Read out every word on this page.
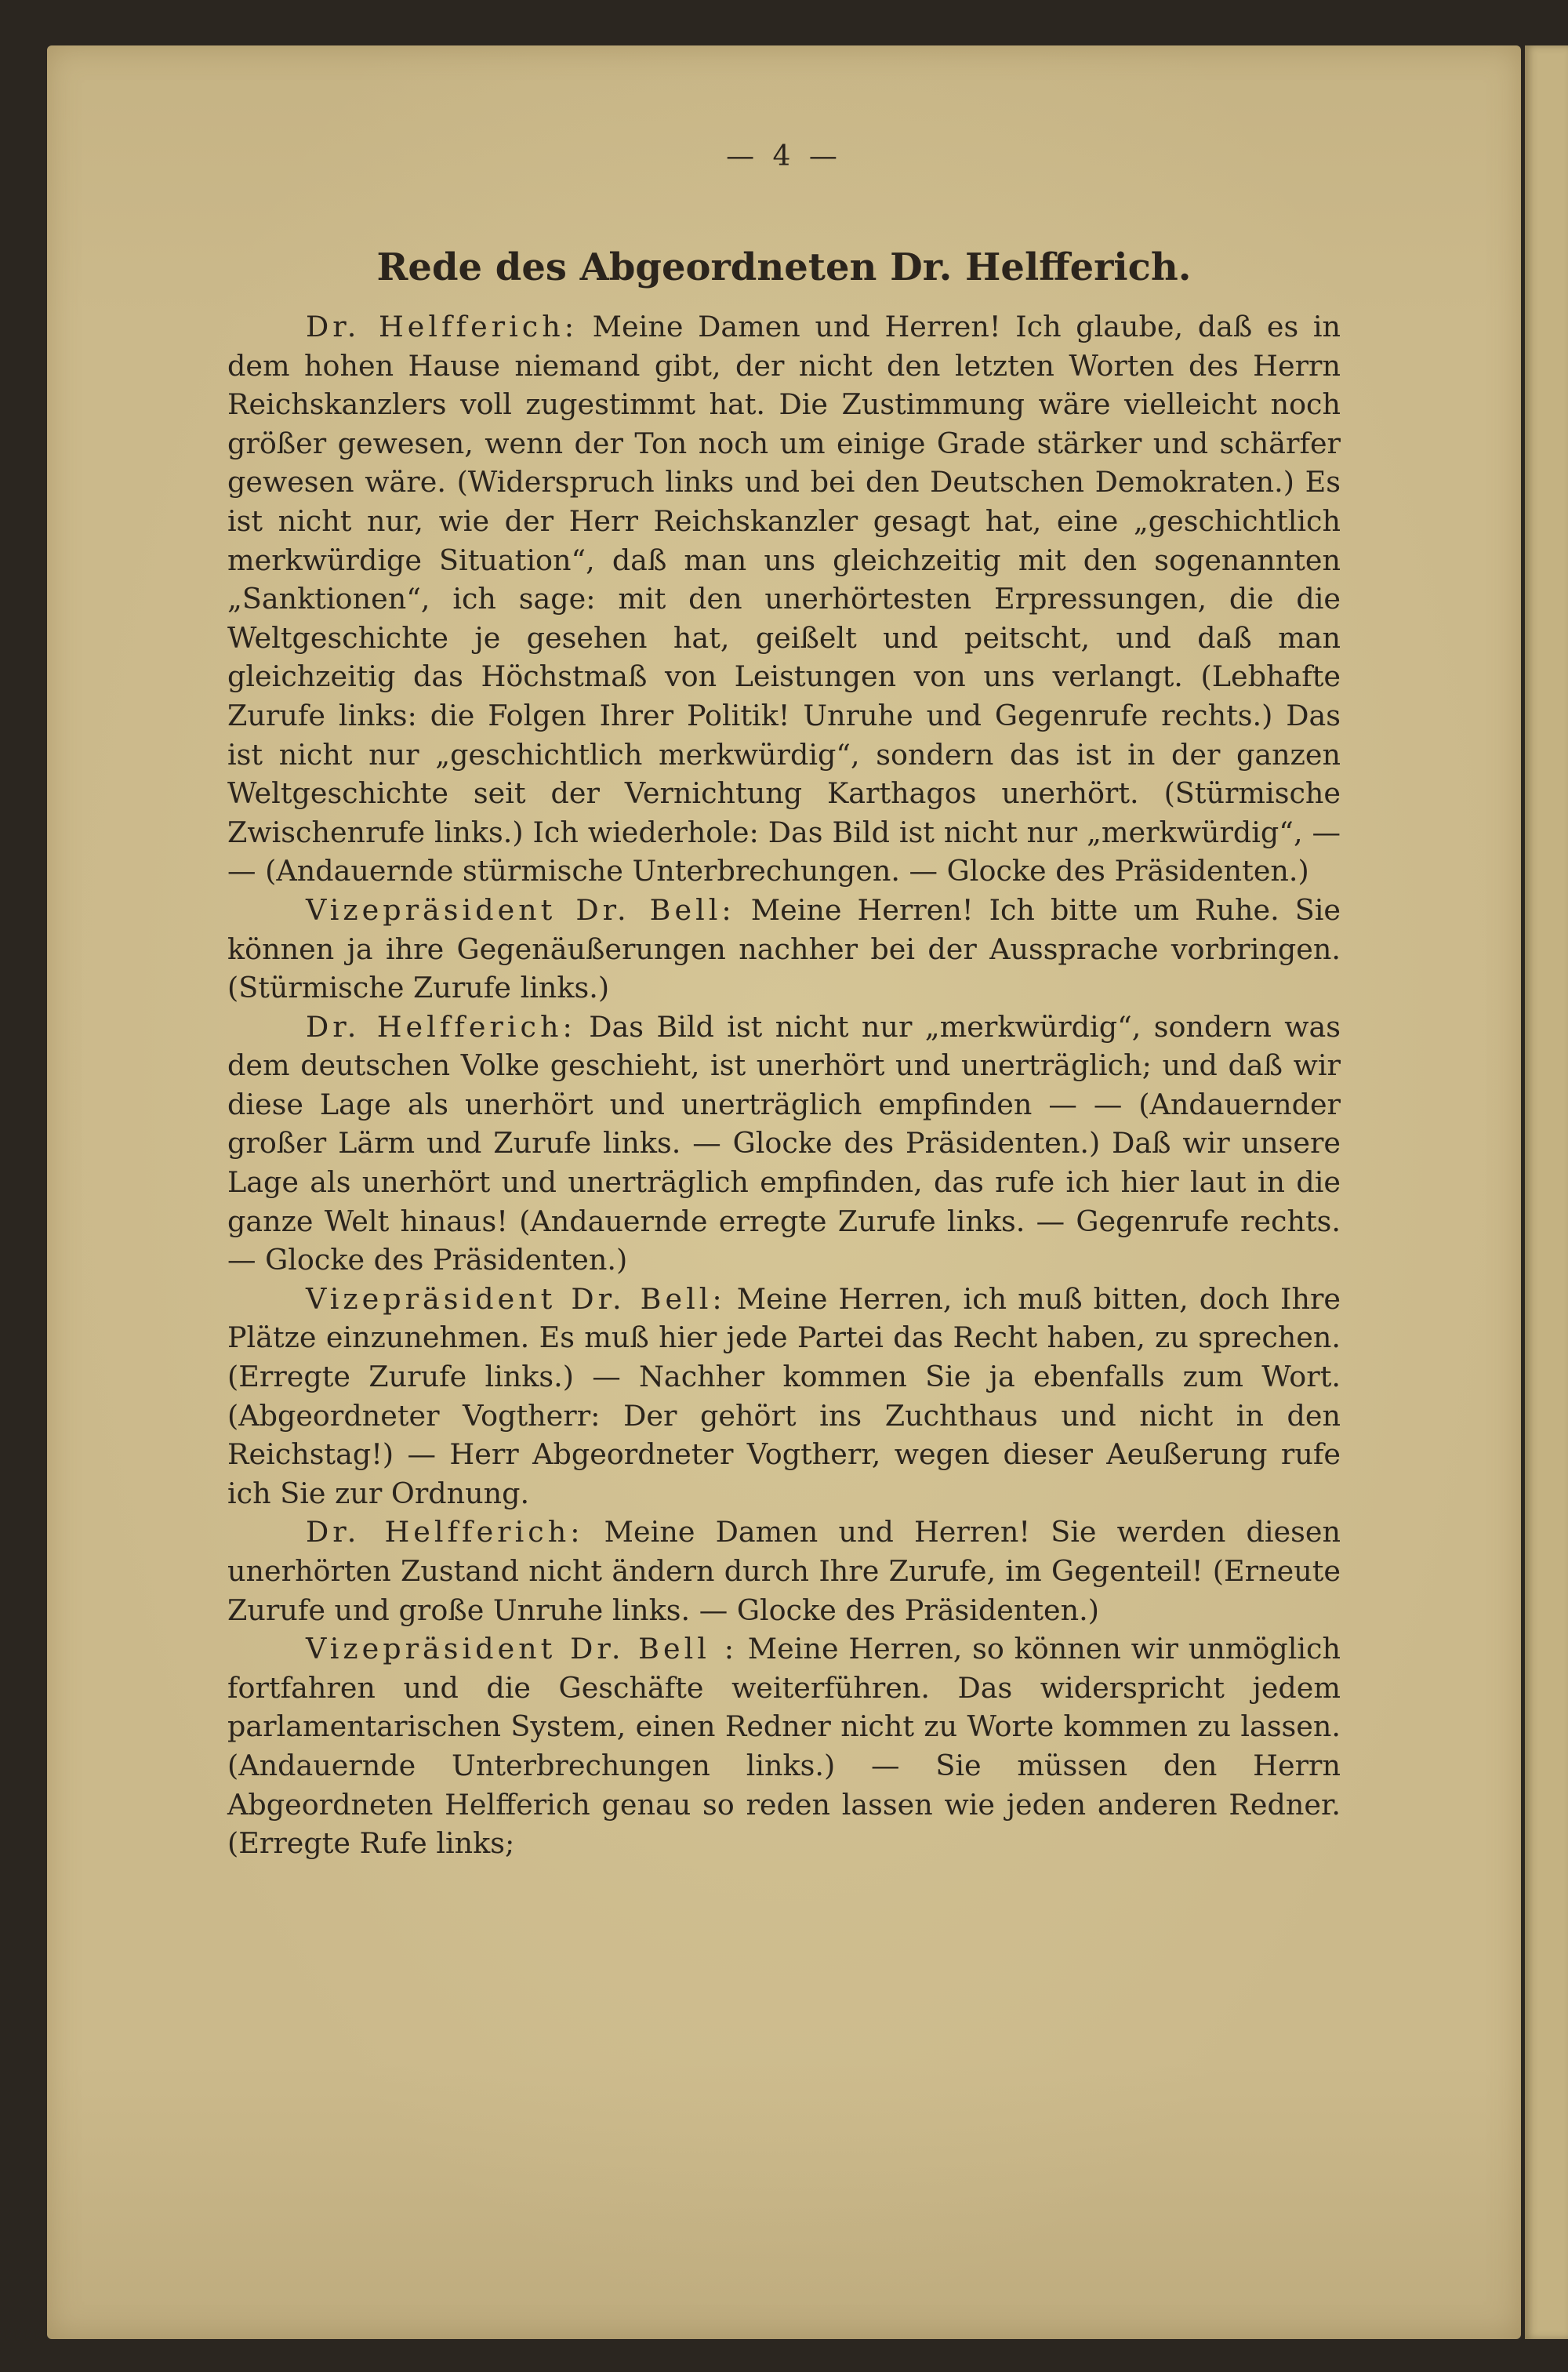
— 4 —
Rede des Abgeordneten Dr. Helfferich.

Dr. Helfferich: Meine Damen und Herren! Ich glaube, daß es in dem hohen Hause niemand gibt, der nicht den letzten Worten des Herrn Reichskanzlers voll zugestimmt hat. Die Zustimmung wäre vielleicht noch größer gewesen, wenn der Ton noch um einige Grade stärker und schärfer gewesen wäre. (Widerspruch links und bei den Deutschen Demokraten.) Es ist nicht nur, wie der Herr Reichskanzler gesagt hat, eine „geschichtlich merkwürdige Situation“, daß man uns gleichzeitig mit den sogenannten „Sanktionen“, ich sage: mit den unerhörtesten Erpressungen, die die Weltgeschichte je gesehen hat, geißelt und peitscht, und daß man gleichzeitig das Höchstmaß von Leistungen von uns verlangt. (Lebhafte Zurufe links: die Folgen Ihrer Politik! Unruhe und Gegenrufe rechts.) Das ist nicht nur „geschichtlich merkwürdig“, sondern das ist in der ganzen Weltgeschichte seit der Vernichtung Karthagos unerhört. (Stürmische Zwischenrufe links.) Ich wiederhole: Das Bild ist nicht nur „merkwürdig“, — — (Andauernde stürmische Unterbrechungen. — Glocke des Präsidenten.)

Vizepräsident Dr. Bell: Meine Herren! Ich bitte um Ruhe. Sie können ja ihre Gegenäußerungen nachher bei der Aussprache vorbringen. (Stürmische Zurufe links.)

Dr. Helfferich: Das Bild ist nicht nur „merkwürdig“, sondern was dem deutschen Volke geschieht, ist unerhört und unerträglich; und daß wir diese Lage als unerhört und unerträglich empfinden — — (Andauernder großer Lärm und Zurufe links. — Glocke des Präsidenten.) Daß wir unsere Lage als unerhört und unerträglich empfinden, das rufe ich hier laut in die ganze Welt hinaus! (Andauernde erregte Zurufe links. — Gegenrufe rechts. — Glocke des Präsidenten.)

Vizepräsident Dr. Bell: Meine Herren, ich muß bitten, doch Ihre Plätze einzunehmen. Es muß hier jede Partei das Recht haben, zu sprechen. (Erregte Zurufe links.) — Nachher kommen Sie ja ebenfalls zum Wort. (Abgeordneter Vogtherr: Der gehört ins Zuchthaus und nicht in den Reichstag!) — Herr Abgeordneter Vogtherr, wegen dieser Aeußerung rufe ich Sie zur Ordnung.

Dr. Helfferich: Meine Damen und Herren! Sie werden diesen unerhörten Zustand nicht ändern durch Ihre Zurufe, im Gegenteil! (Erneute Zurufe und große Unruhe links. — Glocke des Präsidenten.)

Vizepräsident Dr. Bell : Meine Herren, so können wir unmöglich fortfahren und die Geschäfte weiterführen. Das widerspricht jedem parlamentarischen System, einen Redner nicht zu Worte kommen zu lassen. (Andauernde Unterbrechungen links.) — Sie müssen den Herrn Abgeordneten Helfferich genau so reden lassen wie jeden anderen Redner. (Erregte Rufe links;
